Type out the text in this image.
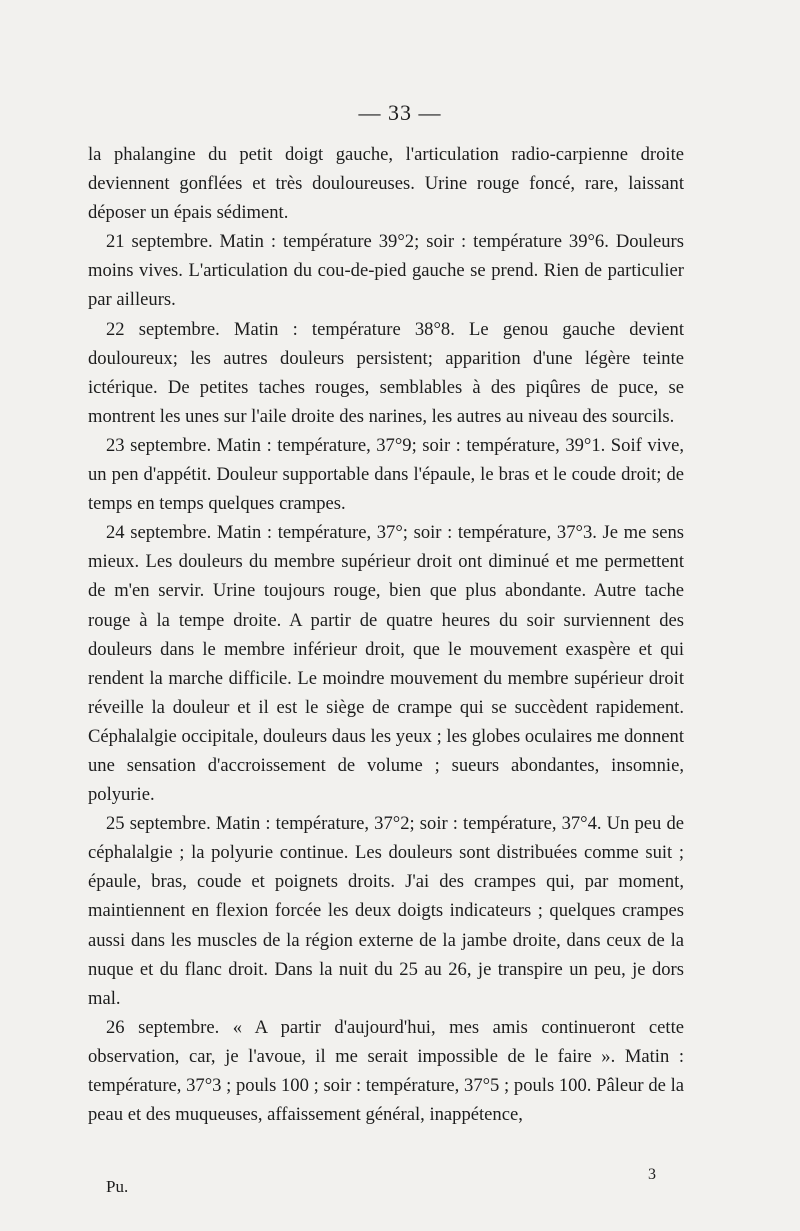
— 33 —

la phalangine du petit doigt gauche, l'articulation radio-carpienne droite deviennent gonflées et très douloureuses. Urine rouge foncé, rare, laissant déposer un épais sédiment.

21 septembre. Matin : température 39°2; soir : température 39°6. Douleurs moins vives. L'articulation du cou-de-pied gauche se prend. Rien de particulier par ailleurs.

22 septembre. Matin : température 38°8. Le genou gauche devient douloureux; les autres douleurs persistent; apparition d'une légère teinte ictérique. De petites taches rouges, semblables à des piqûres de puce, se montrent les unes sur l'aile droite des narines, les autres au niveau des sourcils.

23 septembre. Matin : température, 37°9; soir : température, 39°1. Soif vive, un pen d'appétit. Douleur supportable dans l'épaule, le bras et le coude droit; de temps en temps quelques crampes.

24 septembre. Matin : température, 37°; soir : température, 37°3. Je me sens mieux. Les douleurs du membre supérieur droit ont diminué et me permettent de m'en servir. Urine toujours rouge, bien que plus abondante. Autre tache rouge à la tempe droite. A partir de quatre heures du soir surviennent des douleurs dans le membre inférieur droit, que le mouvement exaspère et qui rendent la marche difficile. Le moindre mouvement du membre supérieur droit réveille la douleur et il est le siège de crampe qui se succèdent rapidement. Céphalalgie occipitale, douleurs daus les yeux ; les globes oculaires me donnent une sensation d'accroissement de volume ; sueurs abondantes, insomnie, polyurie.

25 septembre. Matin : température, 37°2; soir : température, 37°4. Un peu de céphalalgie ; la polyurie continue. Les douleurs sont distribuées comme suit ; épaule, bras, coude et poignets droits. J'ai des crampes qui, par moment, maintiennent en flexion forcée les deux doigts indicateurs ; quelques crampes aussi dans les muscles de la région externe de la jambe droite, dans ceux de la nuque et du flanc droit. Dans la nuit du 25 au 26, je transpire un peu, je dors mal.

26 septembre. « A partir d'aujourd'hui, mes amis continueront cette observation, car, je l'avoue, il me serait impossible de le faire ». Matin : température, 37°3 ; pouls 100 ; soir : température, 37°5 ; pouls 100. Pâleur de la peau et des muqueuses, affaissement général, inappétence,

Pu.
3
